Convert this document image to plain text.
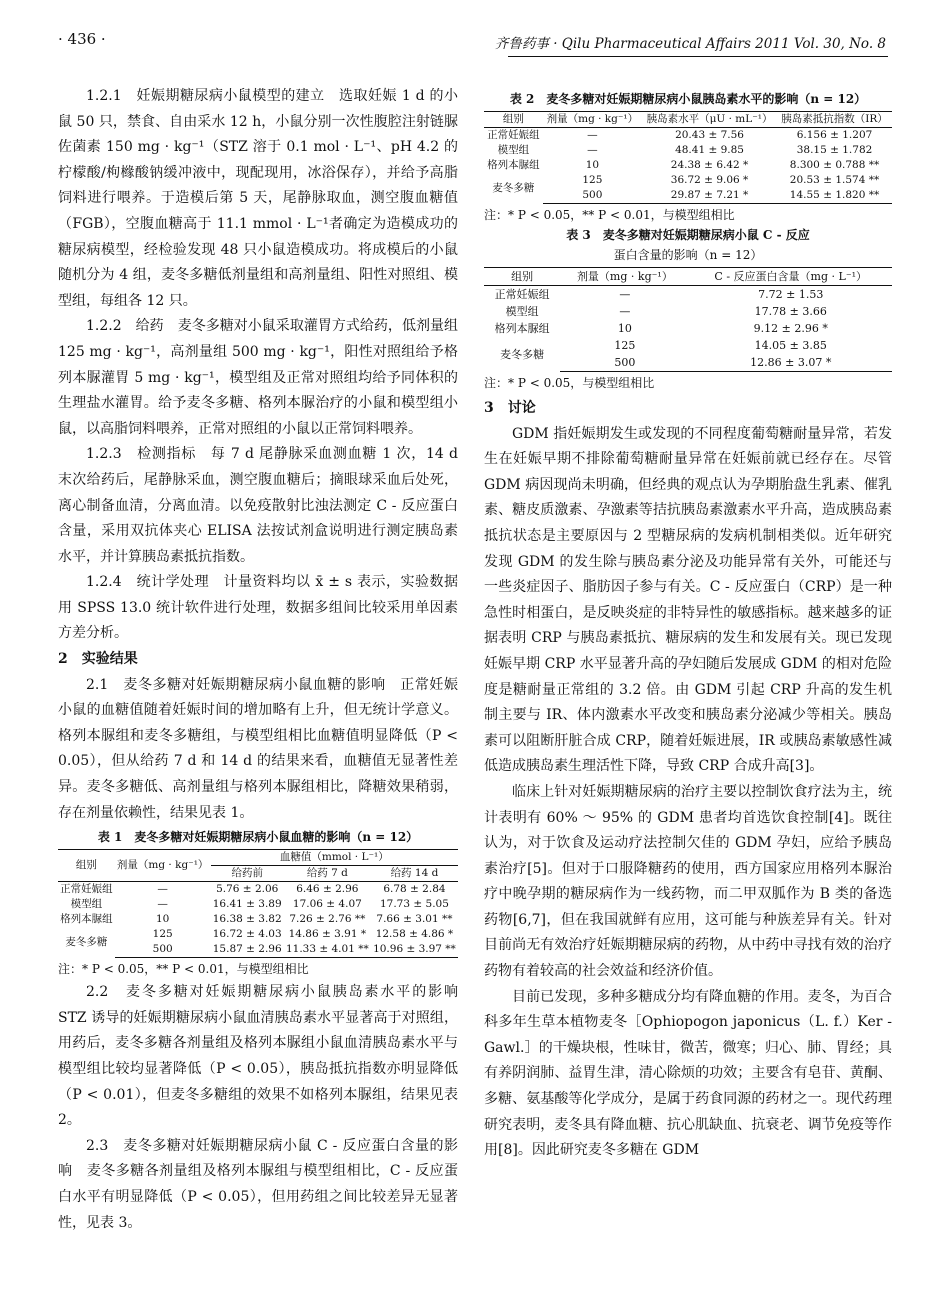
· 436 ·	齐鲁药事 · Qilu Pharmaceutical Affairs 2011 Vol. 30, No. 8

1.2.1　妊娠期糖尿病小鼠模型的建立　选取妊娠 1 d 的小鼠 50 只，禁食、自由采水 12 h，小鼠分别一次性腹腔注射链脲佐菌素 150 mg · kg⁻¹（STZ 溶于 0.1 mol · L⁻¹、pH 4.2 的柠檬酸/枸橼酸钠缓冲液中，现配现用，冰浴保存），并给予高脂饲料进行喂养。于造模后第 5 天，尾静脉取血，测空腹血糖值（FGB），空腹血糖高于 11.1 mmol · L⁻¹者确定为造模成功的糖尿病模型，经检验发现 48 只小鼠造模成功。将成模后的小鼠随机分为 4 组，麦冬多糖低剂量组和高剂量组、阳性对照组、模型组，每组各 12 只。

1.2.2　给药　麦冬多糖对小鼠采取灌胃方式给药，低剂量组 125 mg · kg⁻¹，高剂量组 500 mg · kg⁻¹，阳性对照组给予格列本脲灌胃 5 mg · kg⁻¹，模型组及正常对照组均给予同体积的生理盐水灌胃。给予麦冬多糖、格列本脲治疗的小鼠和模型组小鼠，以高脂饲料喂养，正常对照组的小鼠以正常饲料喂养。

1.2.3　检测指标　每 7 d 尾静脉采血测血糖 1 次，14 d 末次给药后，尾静脉采血，测空腹血糖后；摘眼球采血后处死，离心制备血清，分离血清。以免疫散射比浊法测定 C - 反应蛋白含量，采用双抗体夹心 ELISA 法按试剂盒说明进行测定胰岛素水平，并计算胰岛素抵抗指数。

1.2.4　统计学处理　计量资料均以 x̄ ± s 表示，实验数据用 SPSS 13.0 统计软件进行处理，数据多组间比较采用单因素方差分析。

2　实验结果

2.1　麦冬多糖对妊娠期糖尿病小鼠血糖的影响　正常妊娠小鼠的血糖值随着妊娠时间的增加略有上升，但无统计学意义。格列本脲组和麦冬多糖组，与模型组相比血糖值明显降低（P < 0.05），但从给药 7 d 和 14 d 的结果来看，血糖值无显著性差异。麦冬多糖低、高剂量组与格列本脲组相比，降糖效果稍弱，存在剂量依赖性，结果见表 1。

表 1　麦冬多糖对妊娠期糖尿病小鼠血糖的影响（n = 12）
组别	剂量（mg · kg⁻¹）	血糖值（mmol · L⁻¹）		
		给药前	给药 7 d	给药 14 d
正常妊娠组	—	5.76 ± 2.06	6.46 ± 2.96	6.78 ± 2.84
模型组	—	16.41 ± 3.89	17.06 ± 4.07	17.73 ± 5.05
格列本脲组	10	16.38 ± 3.82	7.26 ± 2.76 **	7.66 ± 3.01 **
麦冬多糖	125	16.72 ± 4.03	14.86 ± 3.91 *	12.58 ± 4.86 *
	500	15.87 ± 2.96	11.33 ± 4.01 **	10.96 ± 3.97 **
注：* P < 0.05，** P < 0.01，与模型组相比

2.2　麦冬多糖对妊娠期糖尿病小鼠胰岛素水平的影响　STZ 诱导的妊娠期糖尿病小鼠血清胰岛素水平显著高于对照组，用药后，麦冬多糖各剂量组及格列本脲组小鼠血清胰岛素水平与模型组比较均显著降低（P < 0.05），胰岛抵抗指数亦明显降低（P < 0.01），但麦冬多糖组的效果不如格列本脲组，结果见表 2。

2.3　麦冬多糖对妊娠期糖尿病小鼠 C - 反应蛋白含量的影响　麦冬多糖各剂量组及格列本脲组与模型组相比，C - 反应蛋白水平有明显降低（P < 0.05），但用药组之间比较差异无显著性，见表 3。

表 2　麦冬多糖对妊娠期糖尿病小鼠胰岛素水平的影响（n = 12）
组别	剂量（mg · kg⁻¹）	胰岛素水平（μU · mL⁻¹）	胰岛素抵抗指数（IR）
正常妊娠组	—	20.43 ± 7.56	6.156 ± 1.207
模型组	—	48.41 ± 9.85	38.15 ± 1.782
格列本脲组	10	24.38 ± 6.42 *	8.300 ± 0.788 **
麦冬多糖	125	36.72 ± 9.06 *	20.53 ± 1.574 **
	500	29.87 ± 7.21 *	14.55 ± 1.820 **
注：* P < 0.05，** P < 0.01，与模型组相比
表 3　麦冬多糖对妊娠期糖尿病小鼠 C - 反应
蛋白含量的影响（n = 12）
组别	剂量（mg · kg⁻¹）	C - 反应蛋白含量（mg · L⁻¹）
正常妊娠组	—	7.72 ± 1.53
模型组	—	17.78 ± 3.66
格列本脲组	10	9.12 ± 2.96 *
麦冬多糖	125	14.05 ± 3.85
	500	12.86 ± 3.07 *
注：* P < 0.05，与模型组相比

3　讨论

GDM 指妊娠期发生或发现的不同程度葡萄糖耐量异常，若发生在妊娠早期不排除葡萄糖耐量异常在妊娠前就已经存在。尽管 GDM 病因现尚未明确，但经典的观点认为孕期胎盘生乳素、催乳素、糖皮质激素、孕激素等拮抗胰岛素激素水平升高，造成胰岛素抵抗状态是主要原因与 2 型糖尿病的发病机制相类似。近年研究发现 GDM 的发生除与胰岛素分泌及功能异常有关外，可能还与一些炎症因子、脂肪因子参与有关。C - 反应蛋白（CRP）是一种急性时相蛋白，是反映炎症的非特异性的敏感指标。越来越多的证据表明 CRP 与胰岛素抵抗、糖尿病的发生和发展有关。现已发现妊娠早期 CRP 水平显著升高的孕妇随后发展成 GDM 的相对危险度是糖耐量正常组的 3.2 倍。由 GDM 引起 CRP 升高的发生机制主要与 IR、体内激素水平改变和胰岛素分泌减少等相关。胰岛素可以阻断肝脏合成 CRP，随着妊娠进展，IR 或胰岛素敏感性减低造成胰岛素生理活性下降，导致 CRP 合成升高[3]。

临床上针对妊娠期糖尿病的治疗主要以控制饮食疗法为主，统计表明有 60% ～ 95% 的 GDM 患者均首选饮食控制[4]。既往认为，对于饮食及运动疗法控制欠佳的 GDM 孕妇，应给予胰岛素治疗[5]。但对于口服降糖药的使用，西方国家应用格列本脲治疗中晚孕期的糖尿病作为一线药物，而二甲双胍作为 B 类的备选药物[6,7]，但在我国就鲜有应用，这可能与种族差异有关。针对目前尚无有效治疗妊娠期糖尿病的药物，从中药中寻找有效的治疗药物有着较高的社会效益和经济价值。

目前已发现，多种多糖成分均有降血糖的作用。麦冬，为百合科多年生草本植物麦冬［Ophiopogon japonicus（L. f.）Ker - Gawl.］的干燥块根，性味甘，微苦，微寒；归心、肺、胃经；具有养阴润肺、益胃生津，清心除烦的功效；主要含有皂苷、黄酮、多糖、氨基酸等化学成分，是属于药食同源的药材之一。现代药理研究表明，麦冬具有降血糖、抗心肌缺血、抗衰老、调节免疫等作用[8]。因此研究麦冬多糖在 GDM
